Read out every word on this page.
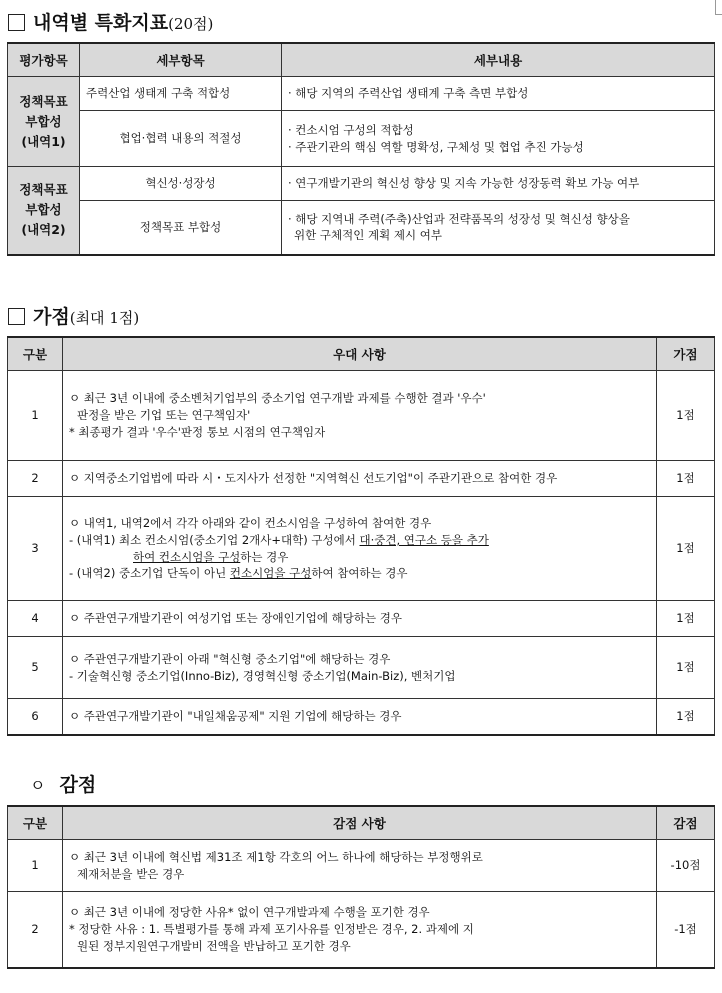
내역별 특화지표 (20점)
평가항목	세부항목	세부내용

정책목표
부합성
(내역1)	주력산업 생태계 구축 적합성	· 해당 지역의 주력산업 생태계 구축 측면 부합성

	협업·협력 내용의 적절성	· 컨소시엄 구성의 적합성
· 주관기관의 핵심 역할 명확성, 구체성 및 협업 추진 가능성

정책목표
부합성
(내역2)	혁신성·성장성	· 연구개발기관의 혁신성 향상 및 지속 가능한 성장동력 확보 가능 여부

	정책목표 부합성	· 해당 지역내 주력(주축)산업과 전략품목의 성장성 및 혁신성 향상을
위한 구체적인 계획 제시 여부
가점 (최대 1점)
구분	우대 사항	가점
1	ㅇ 최근 3년 이내에 중소벤처기업부의 중소기업 연구개발 과제를 수행한 결과 '우수'
판정을 받은 기업 또는 연구책임자'
* 최종평가 결과 '우수'판정 통보 시점의 연구책임자	1점
2	ㅇ 지역중소기업법에 따라 시・도지사가 선정한 "지역혁신 선도기업"이 주관기관으로 참여한 경우	1점
3	ㅇ 내역1, 내역2에서 각각 아래와 같이 컨소시엄을 구성하여 참여한 경우
- (내역1) 최소 컨소시엄(중소기업 2개사+대학) 구성에서 대·중견, 연구소 등을 추가
하여 컨소시엄을 구성하는 경우
- (내역2) 중소기업 단독이 아닌 컨소시엄을 구성하여 참여하는 경우	1점
4	ㅇ 주관연구개발기관이 여성기업 또는 장애인기업에 해당하는 경우	1점
5	ㅇ 주관연구개발기관이 아래 "혁신형 중소기업"에 해당하는 경우
- 기술혁신형 중소기업(Inno-Biz), 경영혁신형 중소기업(Main-Biz), 벤처기업	1점
6	ㅇ 주관연구개발기관이 "내일채움공제" 지원 기업에 해당하는 경우	1점
ㅇ 감점
구분	감점 사항	감점
1	ㅇ 최근 3년 이내에 혁신법 제31조 제1항 각호의 어느 하나에 해당하는 부정행위로
제재처분을 받은 경우	-10점
2	ㅇ 최근 3년 이내에 정당한 사유* 없이 연구개발과제 수행을 포기한 경우
* 정당한 사유 : 1. 특별평가를 통해 과제 포기사유를 인정받은 경우, 2. 과제에 지
원된 정부지원연구개발비 전액을 반납하고 포기한 경우	-1점
